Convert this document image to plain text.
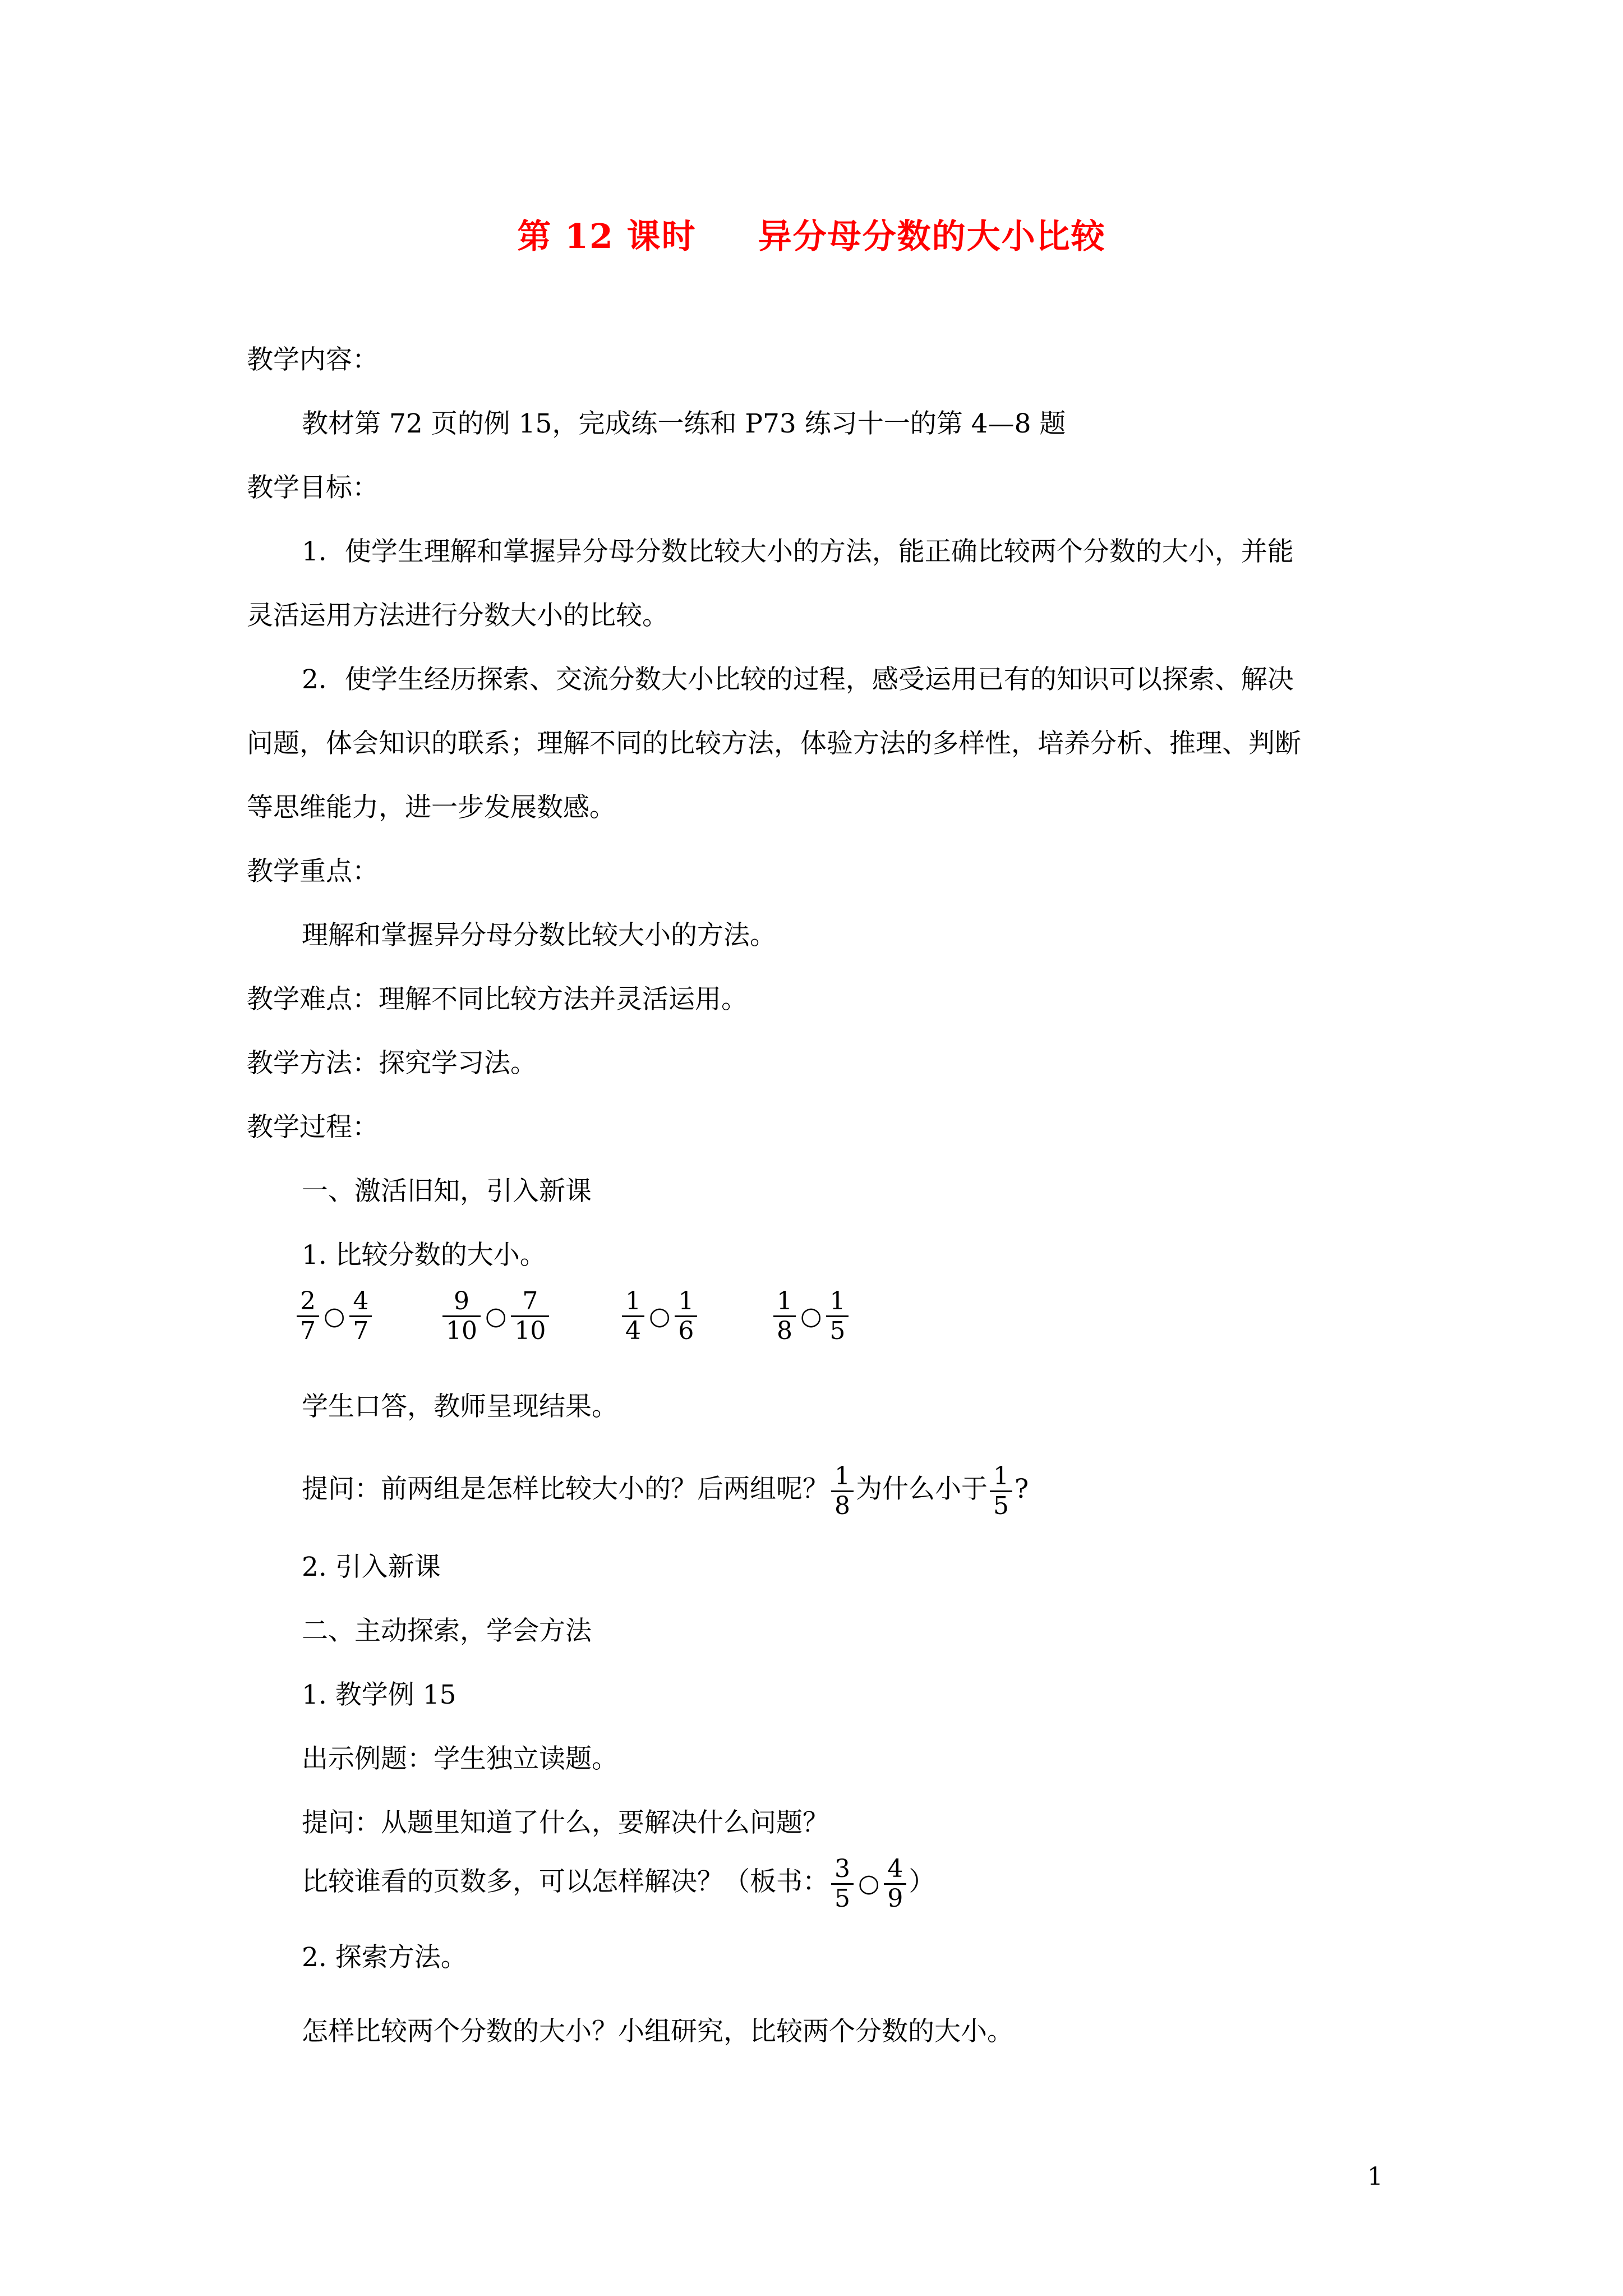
第 12 课时 异分母分数的大小比较
教学内容：
教材第 72 页的例 15，完成练一练和 P73 练习十一的第 4—8 题
教学目标：
1．使学生理解和掌握异分母分数比较大小的方法，能正确比较两个分数的大小，并能
灵活运用方法进行分数大小的比较。
2．使学生经历探索、交流分数大小比较的过程，感受运用已有的知识可以探索、解决
问题，体会知识的联系；理解不同的比较方法，体验方法的多样性，培养分析、推理、判断
等思维能力，进一步发展数感。
教学重点：
理解和掌握异分母分数比较大小的方法。
教学难点：理解不同比较方法并灵活运用。
教学方法：探究学习法。
教学过程：
一、激活旧知，引入新课
1. 比较分数的大小。
$\frac{2}{7}$ ○ $\frac{4}{7}$	$\frac{9}{10}$ ○ $\frac{7}{10}$	$\frac{1}{4}$ ○ $\frac{1}{6}$	$\frac{1}{8}$ ○ $\frac{1}{5}$
学生口答，教师呈现结果。
提问：前两组是怎样比较大小的？后两组呢？ $\frac{1}{8}$ 为什么小于 $\frac{1}{5}$ ?
2. 引入新课
二、主动探索，学会方法
1. 教学例 15
出示例题：学生独立读题。
提问：从题里知道了什么，要解决什么问题？
比较谁看的页数多，可以怎样解决？（板书： $\frac{3}{5}$ ○ $\frac{4}{9}$ ）
2. 探索方法。
怎样比较两个分数的大小？小组研究，比较两个分数的大小。
1
